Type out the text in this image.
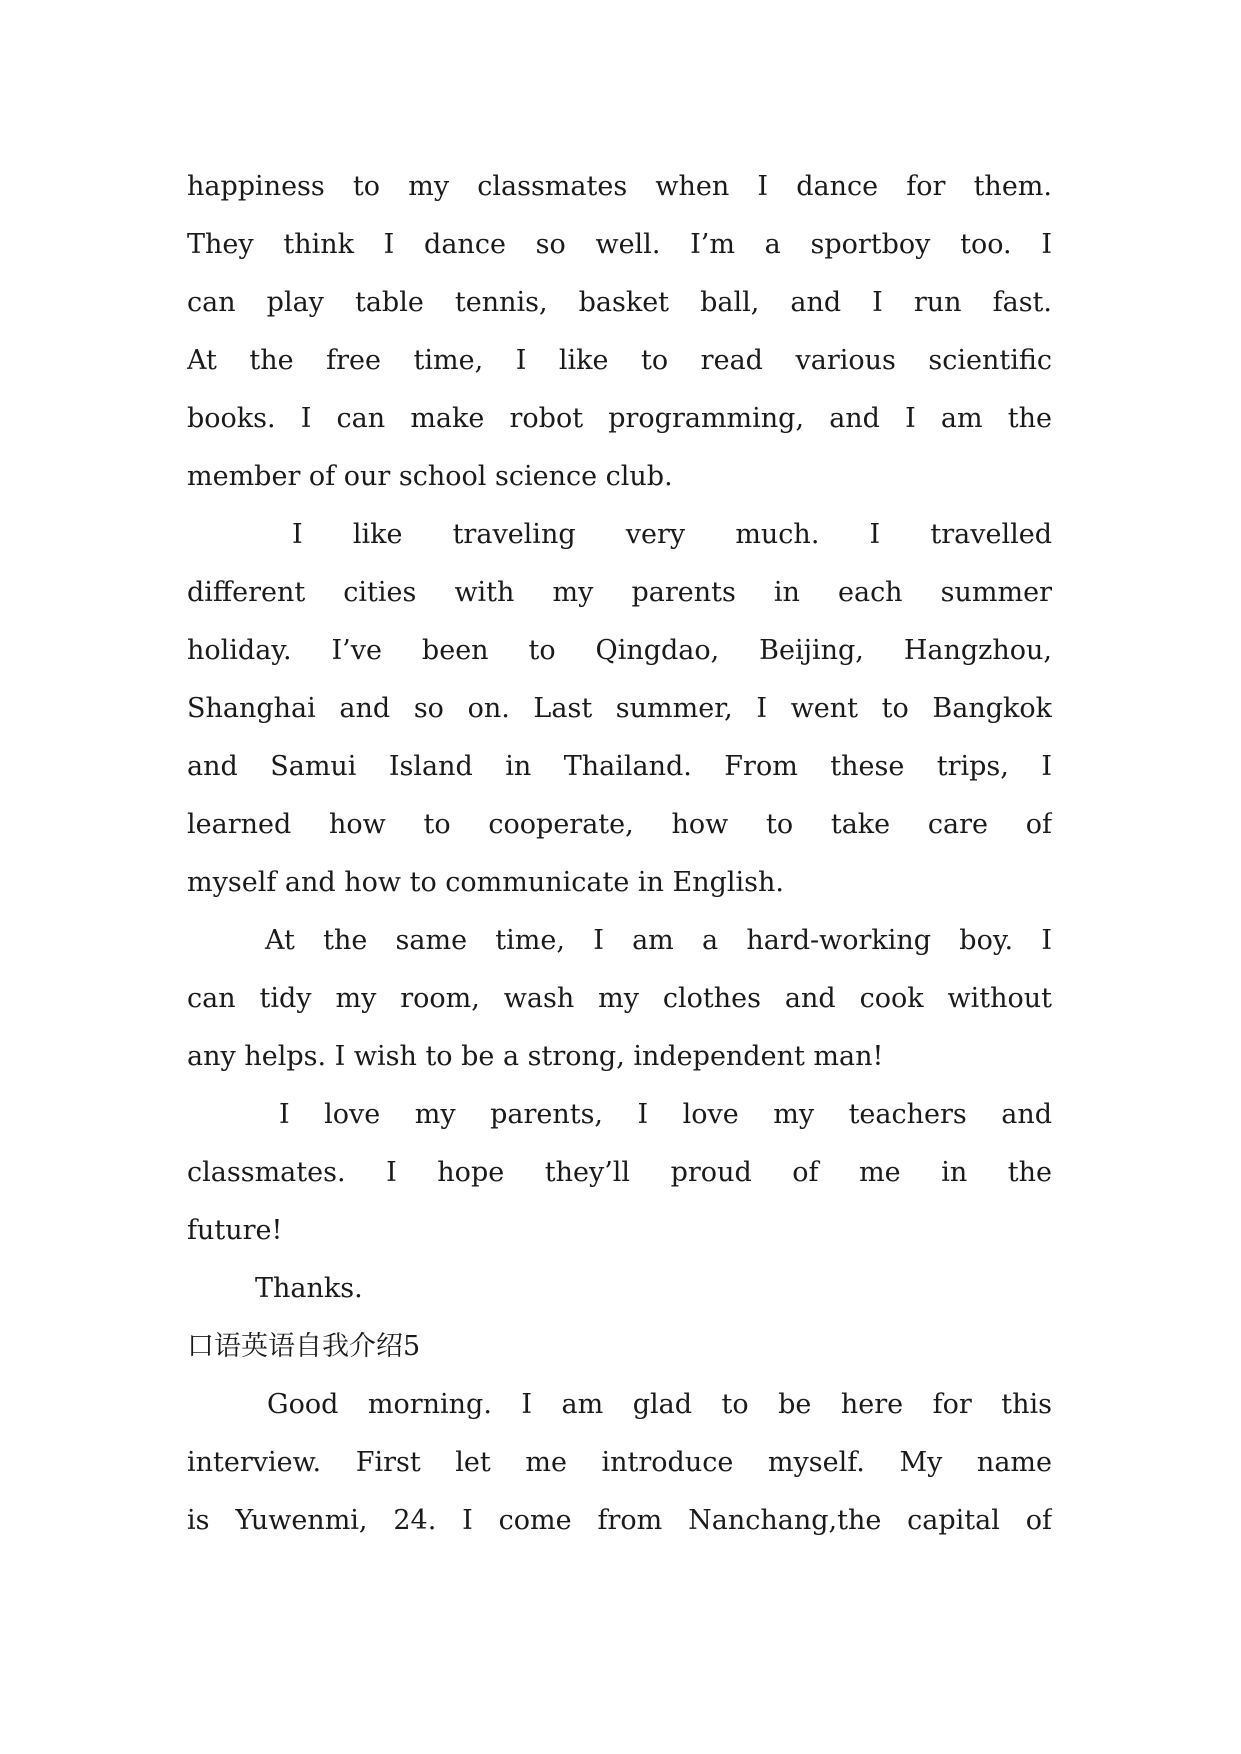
happiness to my classmates when I dance for them.
They think I dance so well. I’m a sportboy too. I
can play table tennis, basket ball, and I run fast.
At the free time, I like to read various scientific
books. I can make robot programming, and I am the
member of our school science club.
I like traveling very much. I travelled
different cities with my parents in each summer
holiday. I’ve been to Qingdao, Beijing, Hangzhou,
Shanghai and so on. Last summer, I went to Bangkok
and Samui Island in Thailand. From these trips, I
learned how to cooperate, how to take care of
myself and how to communicate in English.
At the same time, I am a hard-working boy. I
can tidy my room, wash my clothes and cook without
any helps. I wish to be a strong, independent man!
I love my parents, I love my teachers and
classmates. I hope they’ll proud of me in the
future!
Thanks.
口语英语自我介绍5
Good morning. I am glad to be here for this
interview. First let me introduce myself. My name
is Yuwenmi, 24. I come from Nanchang,the capital of
